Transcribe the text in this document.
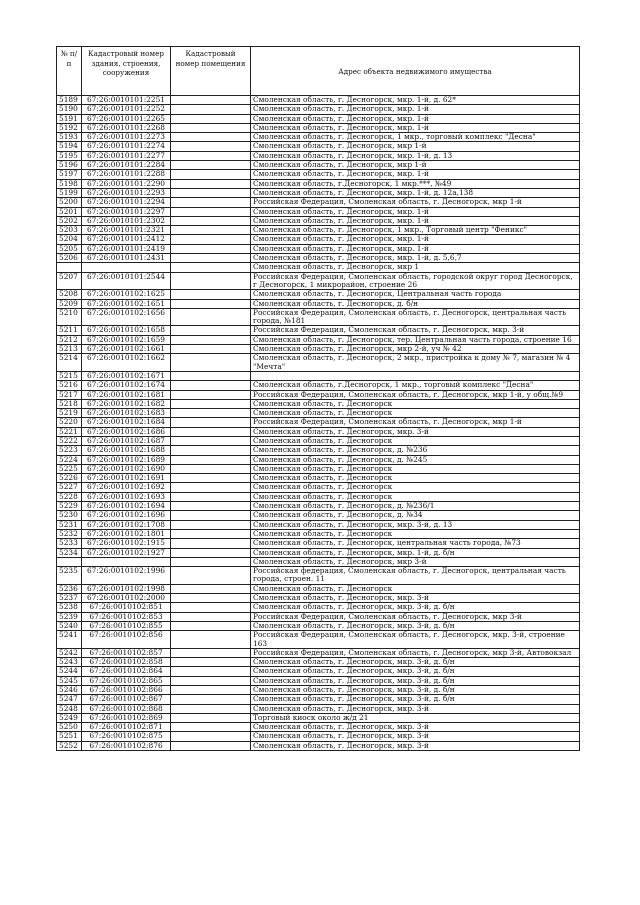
№ п/п	Кадастровый номер здания, строения, сооружения	Кадастровый номер помещения	Адрес объекта недвижимого имущества
5189	67:26:0010101:2251		Смоленская область, г. Десногорск, мкр. 1-й, д. 62*
5190	67:26:0010101:2252		Смоленская область, г. Десногорск, мкр. 1-й
5191	67:26:0010101:2265		Смоленская область, г. Десногорск, мкр. 1-й
5192	67:26:0010101:2268		Смоленская область, г. Десногорск, мкр. 1-й
5193	67:26:0010101:2273		Смоленская область, г. Десногорск, 1 мкр., торговый комплекс "Десна"
5194	67:26:0010101:2274		Смоленская область, г. Десногорск, мкр 1-й
5195	67:26:0010101:2277		Смоленская область, г. Десногорск, мкр. 1-й, д. 13
5196	67:26:0010101:2284		Смоленская область, г. Десногорск, мкр 1-й
5197	67:26:0010101:2288		Смоленская область, г. Десногорск, мкр. 1-й
5198	67:26:0010101:2290		Смоленская область, г.Десногорск, 1 мкр.***, №49
5199	67:26:0010101:2293		Смоленская область, г. Десногорск, мкр. 1-й, д. 12а,138
5200	67:26:0010101:2294		Российская Федерация, Смоленская область, г. Десногорск, мкр 1-й
5201	67:26:0010101:2297		Смоленская область, г. Десногорск, мкр. 1-й
5202	67:26:0010101:2302		Смоленская область, г. Десногорск, мкр. 1-й
5203	67:26:0010101:2321		Смоленская область, г. Десногорск, 1 мкр., Торговый центр "Феникс"
5204	67:26:0010101:2412		Смоленская область, г. Десногорск, мкр. 1-й
5205	67:26:0010101:2419		Смоленская область, г. Десногорск, мкр. 1-й
5206	67:26:0010101:2431		Смоленская область, г. Десногорск, мкр. 1-й, д. 5,6,7
			Смоленская область, г. Десногорск, мкр 1
5207	67:26:0010101:2544		Российская Федерация, Смоленская область, городской округ город Десногорск, г Десногорск, 1 микрорайон, строение 26
5208	67:26:0010102:1625		Смоленская область, г. Десногорск, Центральная часть города
5209	67:26:0010102:1651		Смоленская область, г. Десногорск, д. б/н
5210	67:26:0010102:1656		Российская Федерация, Смоленская область, г. Десногорск, центральная часть города, №181
5211	67:26:0010102:1658		Российская Федерация, Смоленская область, г. Десногорск, мкр. 3-й
5212	67:26:0010102:1659		Смоленская область, г. Десногорск, тер. Центральная часть города, строение 16
5213	67:26:0010102:1661		Смоленская область, г. Десногорск, мкр 2-й, уч № 42
5214	67:26:0010102:1662		Смоленская область, г. Десногорск, 2 мкр., пристройка к дому № 7, магазин № 4 "Мечта"
5215	67:26:0010102:1671		
5216	67:26:0010102:1674		Смоленская область, г.Десногорск, 1 мкр., торговый комплекс "Десна"
5217	67:26:0010102:1681		Российская Федерация, Смоленская область, г. Десногорск, мкр 1-й, у общ.№9
5218	67:26:0010102:1682		Смоленская область, г. Десногорск
5219	67:26:0010102:1683		Смоленская область, г. Десногорск
5220	67:26:0010102:1684		Российская Федерация, Смоленская область, г. Десногорск, мкр 1-й
5221	67:26:0010102:1686		Смоленская область, г. Десногорск, мкр. 3-й
5222	67:26:0010102:1687		Смоленская область, г. Десногорск
5223	67:26:0010102:1688		Смоленская область, г. Десногорск, д. №236
5224	67:26:0010102:1689		Смоленская область, г. Десногорск, д. №245
5225	67:26:0010102:1690		Смоленская область, г. Десногорск
5226	67:26:0010102:1691		Смоленская область, г. Десногорск
5227	67:26:0010102:1692		Смоленская область, г. Десногорск
5228	67:26:0010102:1693		Смоленская область, г. Десногорск
5229	67:26:0010102:1694		Смоленская область, г. Десногорск, д. №236/1
5230	67:26:0010102:1696		Смоленская область, г. Десногорск, д. №34
5231	67:26:0010102:1708		Смоленская область, г. Десногорск, мкр. 3-й, д. 13
5232	67:26:0010102:1801		Смоленская область, г. Десногорск
5233	67:26:0010102:1915		Смоленская область, г. Десногорск, центральная часть города, №73
5234	67:26:0010102:1927		Смоленская область, г. Десногорск, мкр. 1-й, д. б/н
			Смоленская область, г. Десногорск, мкр 3-й
5235	67:26:0010102:1996		Российская федерация, Смоленская область, г. Десногорск, центральная часть города, строен. 11
5236	67:26:0010102:1998		Смоленская область, г. Десногорск
5237	67:26:0010102:2000		Смоленская область, г. Десногорск, мкр. 3-й
5238	67:26:0010102:851		Смоленская область, г. Десногорск, мкр. 3-й, д. б/н
5239	67:26:0010102:853		Российская Федерация, Смоленская область, г. Десногорск, мкр 3-й
5240	67:26:0010102:855		Смоленская область, г. Десногорск, мкр. 3-й, д. б/н
5241	67:26:0010102:856		Российская Федерация, Смоленская область, г. Десногорск, мкр. 3-й, строение 163
5242	67:26:0010102:857		Российская Федерация, Смоленская область, г. Десногорск, мкр 3-й, Автовокзал
5243	67:26:0010102:858		Смоленская область, г. Десногорск, мкр. 3-й, д. б/н
5244	67:26:0010102:864		Смоленская область, г. Десногорск, мкр. 3-й, д. б/н
5245	67:26:0010102:865		Смоленская область, г. Десногорск, мкр. 3-й, д. б/н
5246	67:26:0010102:866		Смоленская область, г. Десногорск, мкр. 3-й, д. б/н
5247	67:26:0010102:867		Смоленская область, г. Десногорск, мкр. 3-й, д. б/н
5248	67:26:0010102:868		Смоленская область, г. Десногорск, мкр. 3-й
5249	67:26:0010102:869		Торговый киоск около ж/д 21
5250	67:26:0010102:871		Смоленская область, г. Десногорск, мкр. 3-й
5251	67:26:0010102:875		Смоленская область, г. Десногорск, мкр. 3-й
5252	67:26:0010102:876		Смоленская область, г. Десногорск, мкр. 3-й
